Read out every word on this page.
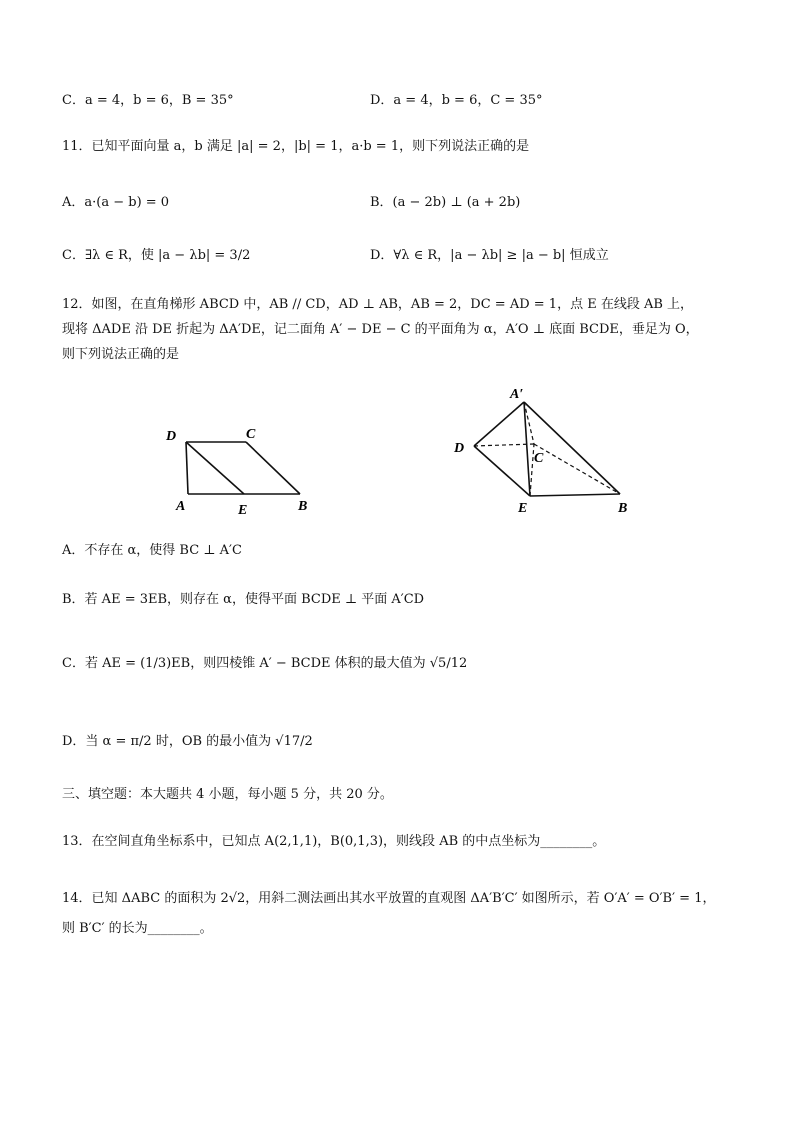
C．a = 4，b = 6，B = 35°	D．a = 4，b = 6，C = 35°
11．已知平面向量 a，b 满足 |a| = 2，|b| = 1，a·b = 1，则下列说法正确的是
A．a·(a − b) = 0	B．(a − 2b) ⊥ (a + 2b)
C．∃λ ∈ R，使 |a − λb| = 3/2	D．∀λ ∈ R，|a − λb| ≥ |a − b| 恒成立
12．如图，在直角梯形 ABCD 中，AB // CD，AD ⊥ AB，AB = 2，DC = AD = 1，点 E 在线段 AB 上，
现将 ΔADE 沿 DE 折起为 ΔA′DE，记二面角 A′ − DE − C 的平面角为 α，A′O ⊥ 底面 BCDE，垂足为 O，
则下列说法正确的是
D	C
A	E	B
A′
D
C
E	B
A．不存在 α，使得 BC ⊥ A′C
B．若 AE = 3EB，则存在 α，使得平面 BCDE ⊥ 平面 A′CD
C．若 AE = (1/3)EB，则四棱锥 A′ − BCDE 体积的最大值为 √5/12
D．当 α = π/2 时，OB 的最小值为 √17/2
三、填空题：本大题共 4 小题，每小题 5 分，共 20 分。
13．在空间直角坐标系中，已知点 A(2,1,1)，B(0,1,3)，则线段 AB 的中点坐标为________。
14．已知 ΔABC 的面积为 2√2，用斜二测法画出其水平放置的直观图 ΔA′B′C′ 如图所示，若 O′A′ = O′B′ = 1，
则 B′C′ 的长为________。
